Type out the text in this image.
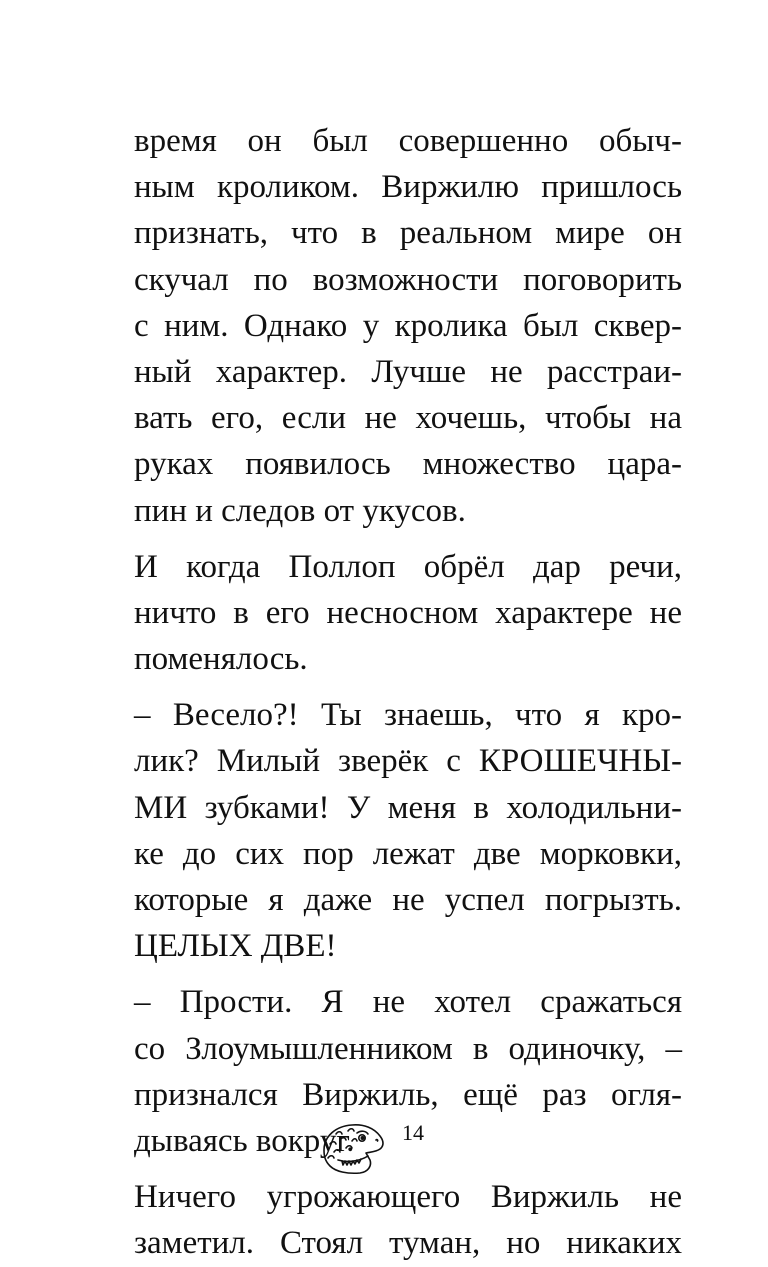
время он был совершенно обыч-
ным кроликом. Виржилю пришлось
признать, что в реальном мире он
скучал по возможности поговорить
с ним. Однако у кролика был сквер-
ный характер. Лучше не расстраи-
вать его, если не хочешь, чтобы на
руках появилось множество цара-
пин и следов от укусов.
И когда Поллоп обрёл дар речи,
ничто в его несносном характере не
поменялось.
– Весело?! Ты знаешь, что я кро-
лик? Милый зверёк с КРОШЕЧНЫ-
МИ зубками! У меня в холодильни-
ке до сих пор лежат две морковки,
которые я даже не успел погрызть.
ЦЕЛЫХ ДВЕ!
– Прости. Я не хотел сражаться
со Злоумышленником в одиночку, –
признался Виржиль, ещё раз огля-
дываясь вокруг.
Ничего угрожающего Виржиль не
заметил. Стоял туман, но никаких
14
